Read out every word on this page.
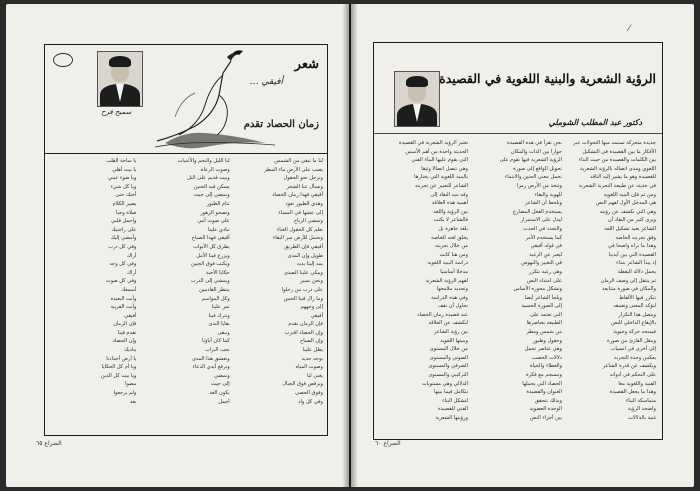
شعر
أفيقي …
زمان الحصاد تقدم
سميح فرح
لنا ما تبقى من الشمس
يصب على الأرض ماء المطر
ونرحل نحو الحقول
ونسأل عنا الشجر
أفيقي فهذا زمان الحصاد
وهذي الطيور تعود
إلى عشها في المساء
وتمضي الرياح
تعلم كل الحقول الغناء
وتحمل للأرض سر البقاء
أفيقي فإن الطريق
طويل وإن المدى
يمد إلينا يديه
ويبكي علينا الصدى
ونحن نسير
على درب من رحلوا
وما زال فينا الحنين
إلى وجههم
أفيقي
فإن الزمان تقدم
وإن الحصاد اقترب
وإن الصباح
يطل علينا
بوجه جديد
وصوت المياه
يغني لنا
ويرقص فوق الجبال
وفوق الحصى
وفي كل واد
لنا الليل والنجم والأغنيات
وصوت الرعاة
وبيت قديم على التل
يسكن فيه الحنين
ونمضي إلى حيث
تنام الطيور
وتصحو الزهور
على صوت أمي
تنادي علينا
أفيقي فهذا الصباح
يطرق كل الأبواب
ويزرع فينا الأمل
ويكتب فوق الجبين
حكايا الأحبة
ويمشي إلى الدرب
ينتظر القادمين
وكل المواسم
تمر علينا
وتترك فينا
بقايا الندى
ونبقى
كما كان آباؤنا
نحب التراب
ونعشق هذا المدى
ونرفع أيدي الدعاء
ونمضي
إلى حيث
يكون الغد
أجمل
يا ساحة القلب
يا بيت أهلي
ويا ضوء عيني
ويا كل شيء
أحبك حتى
يصير الكلام
صلاة وحبا
وأحمل قلبي
على راحتيك
وأمضي إليك
وفي كل درب
أراك
وفي كل وجه
أراك
وفي كل صوت
أسمعك
وأنت البعيدة
وأنت القريبة
أفيقي
فإن الزمان
تقدم فينا
وإن الحصاد
يناديك
يا أرض أجدادنا
ويا أم كل الحكايا
ويا بيت كل الذين
مضوا
ولم يرجعوا
بعد
الضراع ٦٥
⁄
الرؤية الشعرية والبنية اللغوية في القصيدة
دكتور عبد المطلب الشوملي
جديدة متحركة تستمد منها التحولات عبر
الأفكار ما بين القصيدة في التشكيل
بين الكلمات والقصيدة من حيث البناء
اللغوي ومدى اتصاله بالرؤية الشعرية
للقصيدة وهو ما يشير إليه الناقد
في حديثه عن طبيعة التجربة الشعرية
ومن ثم فإن البنية اللغوية
هي المدخل الأول لفهم النص
وهي التي تكشف عن رؤيته
ويرى كثير من النقاد أن
الشاعر يعيد تشكيل اللغة
وفق تجربته الخاصة
وهذا ما نراه واضحا في
القصيدة التي بين أيدينا
إذ يبدأ الشاعر بنداء
يحمل دلالة اليقظة
ثم ينتقل إلى وصف الزمان
والمكان في صورة متتابعة
تتكرر فيها الألفاظ
لتؤكد المعنى وتعمقه
ويتصل هذا التكرار
بالإيقاع الداخلي للنص
فيمنحه حركة وحيوية
وينقل القارئ من صورة
إلى أخرى في انسياب
يعكس وحدة التجربة
ويكشف عن قدرة الشاعر
على التحكم في أدواته
الفنية واللغوية معا
وهذا ما يجعل القصيدة
متماسكة البناء
واضحة الرؤية
غنية بالدلالات
نحن نقرأ في هذه القصيدة
حوارا بين الذات والمكان
الرؤية الشعرية فيها تقوم على
تحويل الواقع إلى صورة
تحمل معنى الحنين والانتماء
وتتخذ من الأرض رمزا
للهوية والبقاء
ونلحظ أن الشاعر
يستخدم الفعل المضارع
ليدل على الاستمرار
والتجدد في الحدث
كما يستخدم الأمر
في قوله أفيقي
ليعبر عن الرغبة
في التغيير والنهوض
وهي رغبة تتكرر
على امتداد النص
وتشكل محوره الأساس
ويلجأ الشاعر أيضا
إلى الصورة الحسية
التي تعتمد على
الطبيعة بعناصرها
من شمس ومطر
وحقول وطيور
وهي عناصر تحمل
دلالات الخصب
والعطاء والحياة
وتنسجم مع فكرة
الحصاد التي يحملها
العنوان والقصيدة
وبذلك تتحقق
الوحدة العضوية
بين أجزاء النص
تعتبر الرؤية الشعرية في القصيدة
الحديثة واحدة من أهم الأسس
التي يقوم عليها البناء الفني
وهي تتصل اتصالا وثيقا
بالبنية اللغوية التي يختارها
الشاعر للتعبير عن تجربته
وقد تنبه النقاد إلى
أهمية هذه العلاقة
بين الرؤية واللغة
فالشاعر لا يكتب
بلغة جاهزة بل
يخلق لغته الخاصة
من خلال تجربته
ومن هنا كانت
دراسة البنية اللغوية
مدخلا أساسيا
لفهم الرؤية الشعرية
وتحديد ملامحها
وفي هذه الدراسة
نحاول أن نقف
عند قصيدة زمان الحصاد
لنكشف عن العلاقة
بين رؤية الشاعر
وبنيتها اللغوية
من خلال المستوى
الصوتي والمستوى
الصرفي والمستوى
التركيبي والمستوى
الدلالي وهي مستويات
تتكامل فيما بينها
لتشكل البناء
الفني للقصيدة
ورؤيتها الشعرية
الضراع ٦٠
